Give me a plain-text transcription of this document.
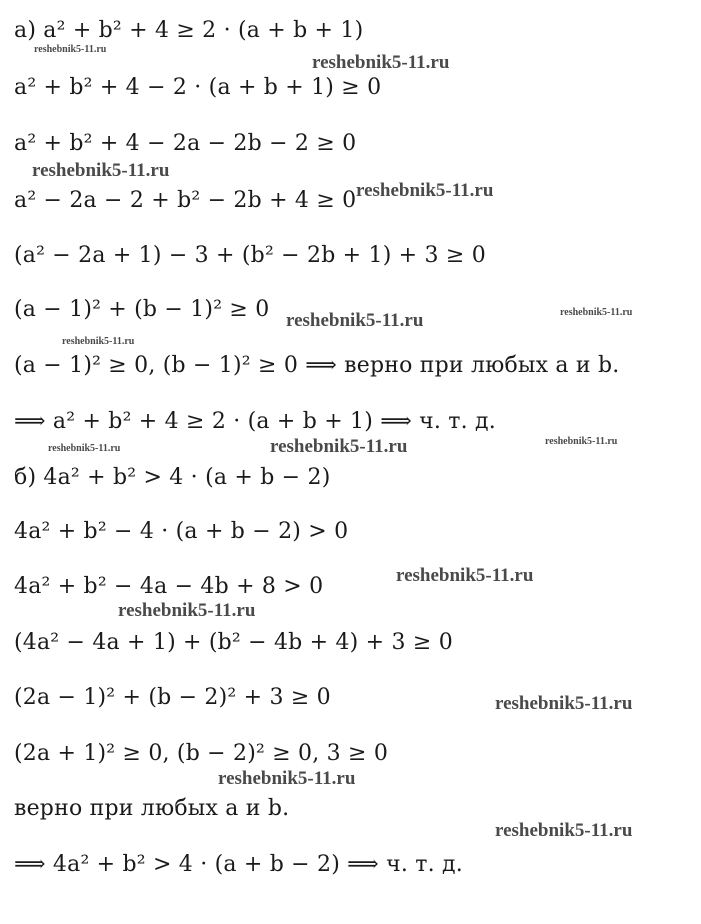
а) a² + b² + 4 ≥ 2 · (a + b + 1)
a² + b² + 4 − 2 · (a + b + 1) ≥ 0
a² + b² + 4 − 2a − 2b − 2 ≥ 0
a² − 2a − 2 + b² − 2b + 4 ≥ 0
(a² − 2a + 1) − 3 + (b² − 2b + 1) + 3 ≥ 0
(a − 1)² + (b − 1)² ≥ 0
(a − 1)² ≥ 0, (b − 1)² ≥ 0 ⟹ верно при любых a и b.
⟹ a² + b² + 4 ≥ 2 · (a + b + 1) ⟹ ч. т. д.
б) 4a² + b² > 4 · (a + b − 2)
4a² + b² − 4 · (a + b − 2) > 0
4a² + b² − 4a − 4b + 8 > 0
(4a² − 4a + 1) + (b² − 4b + 4) + 3 ≥ 0
(2a − 1)² + (b − 2)² + 3 ≥ 0
(2a + 1)² ≥ 0, (b − 2)² ≥ 0, 3 ≥ 0
верно при любых a и b.
⟹ 4a² + b² > 4 · (a + b − 2) ⟹ ч. т. д.
reshebnik5-11.ru
reshebnik5-11.ru
reshebnik5-11.ru
reshebnik5-11.ru
reshebnik5-11.ru	reshebnik5-11.ru
reshebnik5-11.ru
reshebnik5-11.ru
reshebnik5-11.ru
reshebnik5-11.ru
reshebnik5-11.ru
reshebnik5-11.ru
reshebnik5-11.ru
reshebnik5-11.ru
reshebnik5-11.ru
